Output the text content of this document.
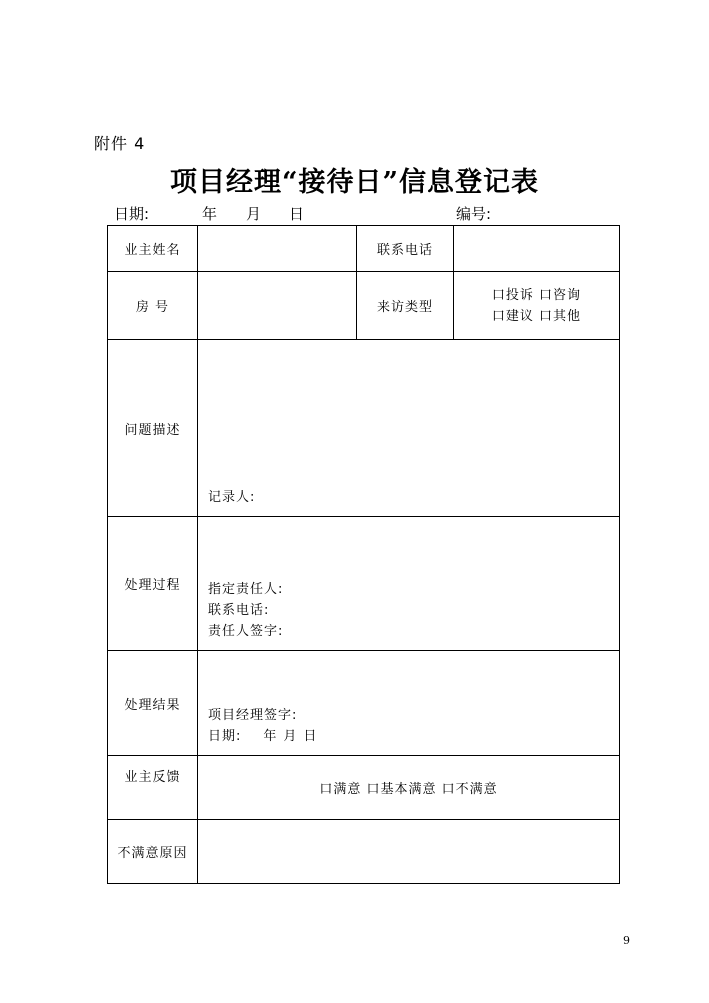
附件 4
项目经理“接待日”信息登记表
日期:	年 月 日	编号:
业主姓名		联系电话	
房 号		来访类型	口投诉 口咨询
口建议 口其他

问题描述	记录人:		

处理过程	指定责任人:
联系电话:
责任人签字:		

处理结果	项目经理签字:
日期: 年 月 日		

业主反馈	口满意 口基本满意 口不满意		
不满意原因			
9
